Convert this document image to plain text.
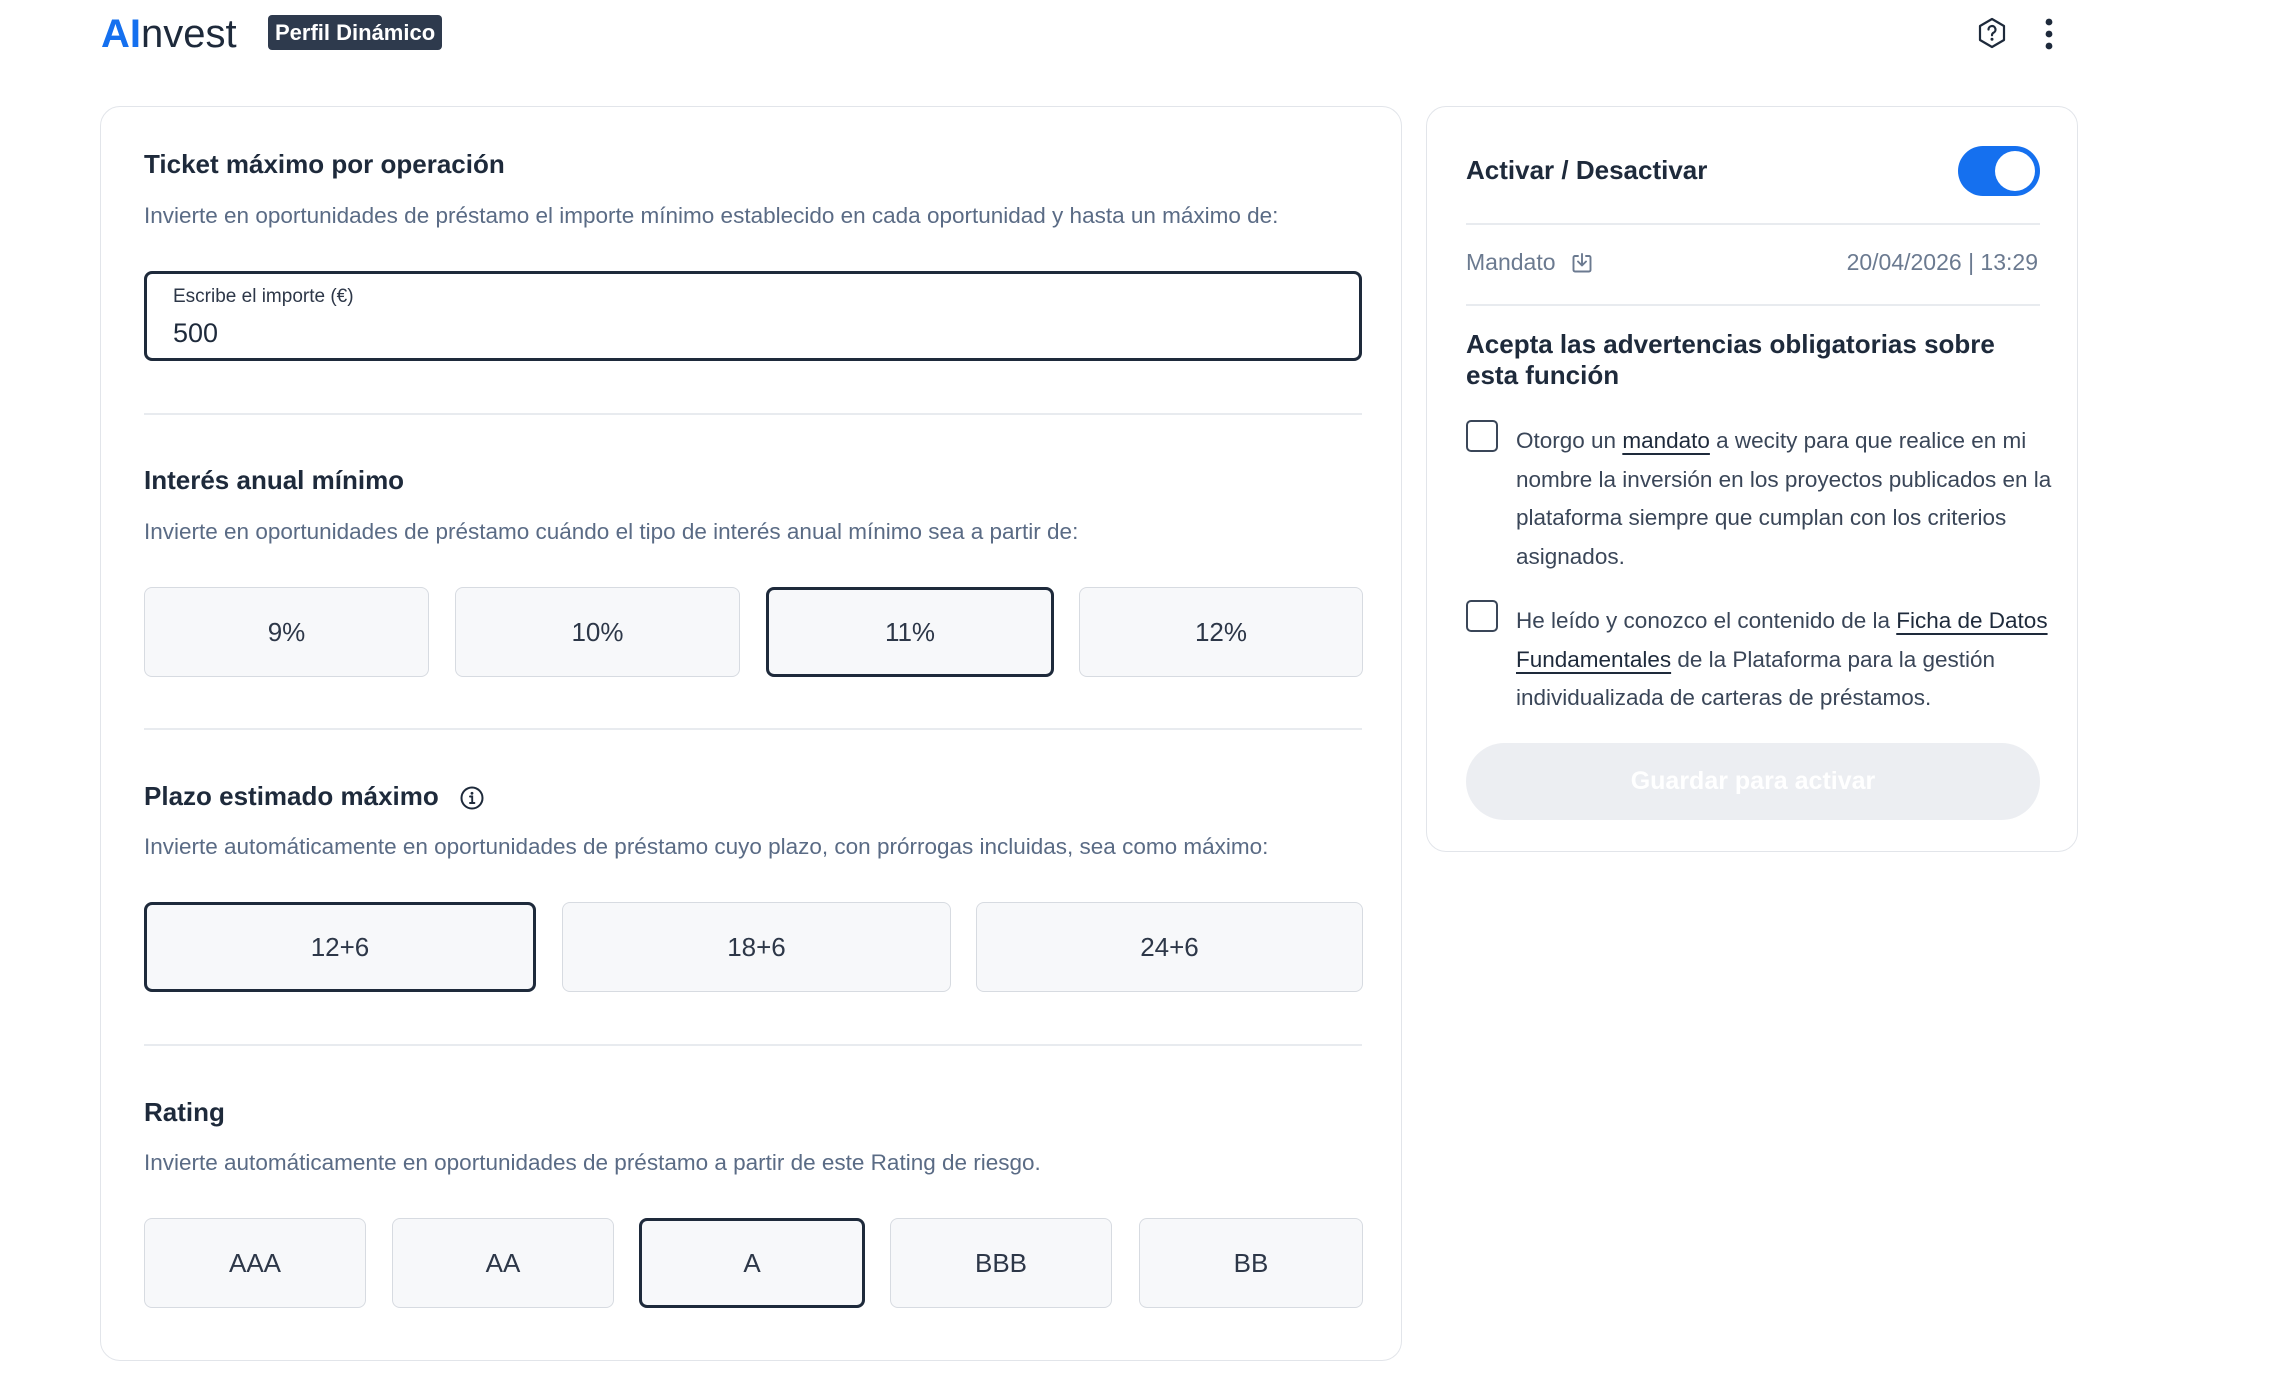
AInvest	Perfil Dinámico
Ticket máximo por operación
Invierte en oportunidades de préstamo el importe mínimo establecido en cada oportunidad y hasta un máximo de:
Escribe el importe (€)
500
Interés anual mínimo
Invierte en oportunidades de préstamo cuándo el tipo de interés anual mínimo sea a partir de:
9%	10%	11%	12%
Plazo estimado máximo
Invierte automáticamente en oportunidades de préstamo cuyo plazo, con prórrogas incluidas, sea como máximo:
12+6	18+6	24+6
Rating
Invierte automáticamente en oportunidades de préstamo a partir de este Rating de riesgo.
AAA	AA	A	BBB	BB
Activar / Desactivar
Mandato	20/04/2026 | 13:29
Acepta las advertencias obligatorias sobre esta función
Otorgo un mandato a wecity para que realice en mi nombre la inversión en los proyectos publicados en la plataforma siempre que cumplan con los criterios asignados.
He leído y conozco el contenido de la Ficha de Datos Fundamentales de la Plataforma para la gestión individualizada de carteras de préstamos.
Guardar para activar
